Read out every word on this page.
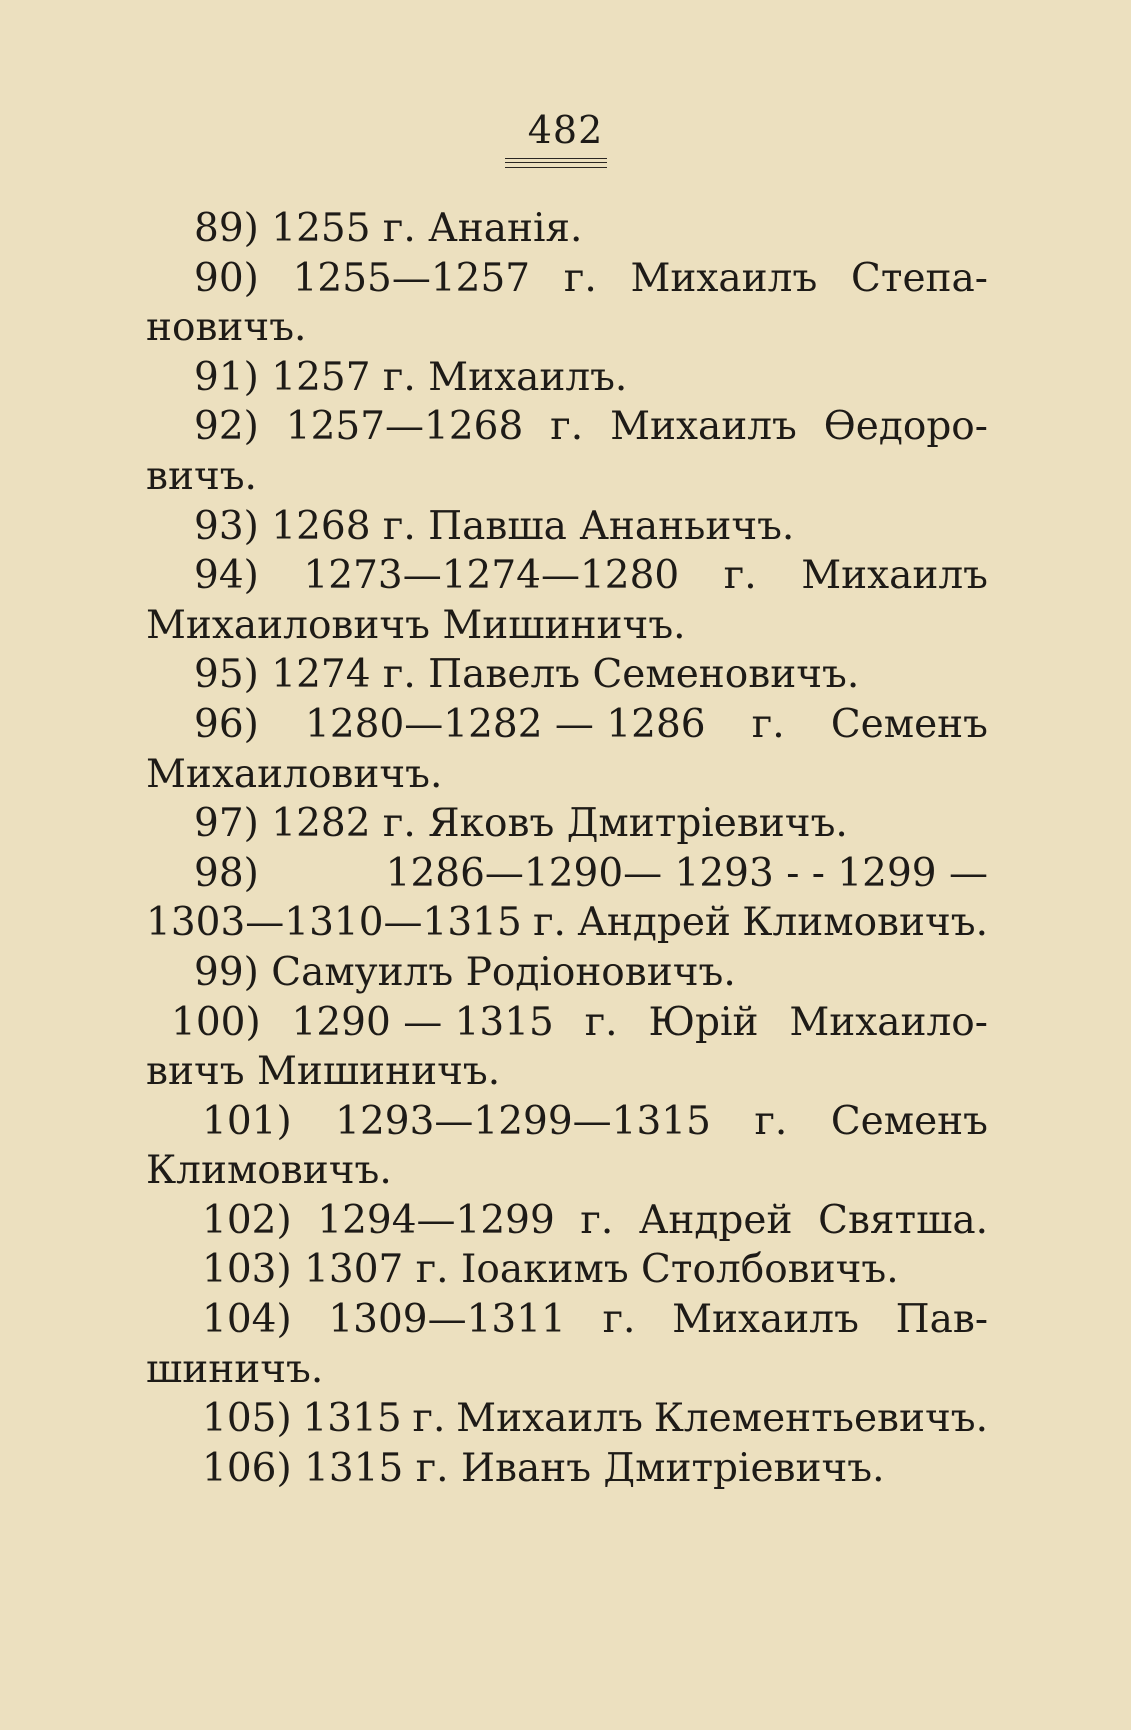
482
89) 1255 г. Ананія.
90) 1255—1257 г. Михаилъ Степа-
новичъ.
91) 1257 г. Михаилъ.
92) 1257—1268 г. Михаилъ Өедоро-
вичъ.
93) 1268 г. Павша Ананьичъ.
94) 1273—1274—1280 г. Михаилъ
Михаиловичъ Мишиничъ.
95) 1274 г. Павелъ Семеновичъ.
96) 1280—1282 — 1286 г. Семенъ
Михаиловичъ.
97) 1282 г. Яковъ Дмитріевичъ.
98)	1286—1290— 1293 - - 1299 —
1303—1310—1315 г. Андрей Климовичъ.
99) Самуилъ Родіоновичъ.
100) 1290 — 1315 г. Юрій Михаило-
вичъ Мишиничъ.
101) 1293—1299—1315 г. Семенъ
Климовичъ.
102) 1294—1299 г. Андрей Святша.
103) 1307 г. Іоакимъ Столбовичъ.
104) 1309—1311 г. Михаилъ Пав-
шиничъ.
105) 1315 г. Михаилъ Клементьевичъ.
106) 1315 г. Иванъ Дмитріевичъ.
